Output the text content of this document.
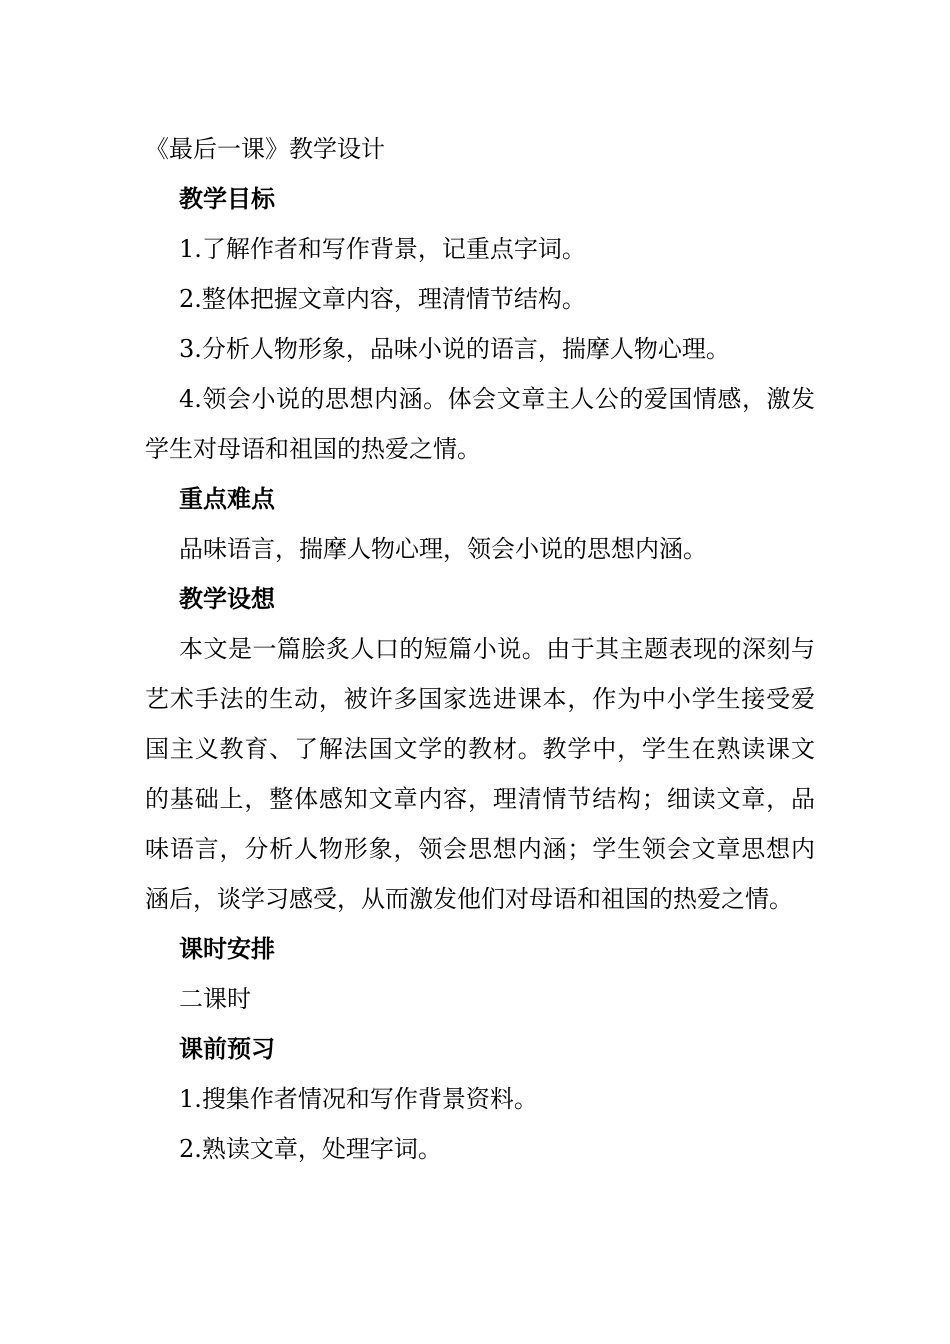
《最后一课》教学设计

教学目标

1.了解作者和写作背景，记重点字词。

2.整体把握文章内容，理清情节结构。

3.分析人物形象，品味小说的语言，揣摩人物心理。

4.领会小说的思想内涵。体会文章主人公的爱国情感，激发学生对母语和祖国的热爱之情。

重点难点

品味语言，揣摩人物心理，领会小说的思想内涵。

教学设想

本文是一篇脍炙人口的短篇小说。由于其主题表现的深刻与艺术手法的生动，被许多国家选进课本，作为中小学生接受爱国主义教育、了解法国文学的教材。教学中，学生在熟读课文的基础上，整体感知文章内容，理清情节结构；细读文章，品味语言，分析人物形象，领会思想内涵；学生领会文章思想内涵后，谈学习感受，从而激发他们对母语和祖国的热爱之情。

课时安排

二课时

课前预习

1.搜集作者情况和写作背景资料。

2.熟读文章，处理字词。
